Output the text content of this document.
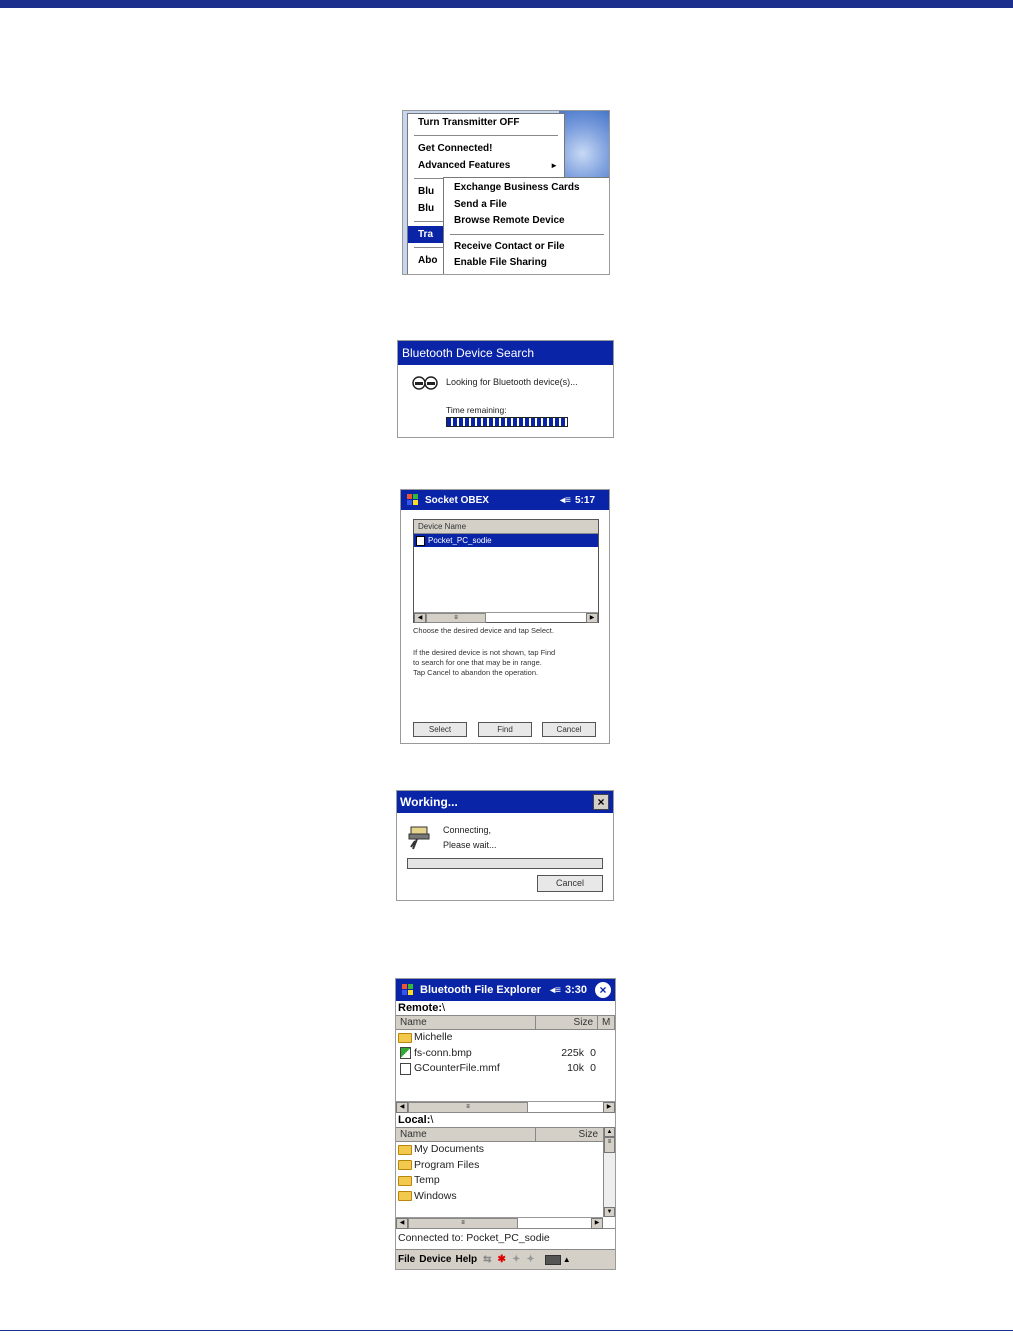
Turn Transmitter OFF
Get Connected!
Advanced Features	►
Blu
Blu
Tra
Abo
Exchange Business Cards
Send a File
Browse Remote Device
Receive Contact or File
Enable File Sharing
Bluetooth Device Search
Looking for Bluetooth device(s)...
Time remaining:
Socket OBEX	◂≡ 5:17
Device Name
Pocket_PC_sodie
◀	≡	▶
Choose the desired device and tap Select.
If the desired device is not shown, tap Find
to search for one that may be in range.
Tap Cancel to abandon the operation.
Select	Find	Cancel
Working...	×
Connecting,
Please wait...
Cancel
Bluetooth File Explorer ◂≡ 3:30	×
Remote:\
Name	Size M
Michelle
fs-conn.bmp	225k 0
GCounterFile.mmf	10k 0
◀	≡	▶
Local:\
Name	Size
My Documents
Program Files
Temp
Windows
▲
≡
▼
◀	≡	▶
Connected to: Pocket_PC_sodie
File Device Help ⇆ ✱ ✦ ✦	▲
